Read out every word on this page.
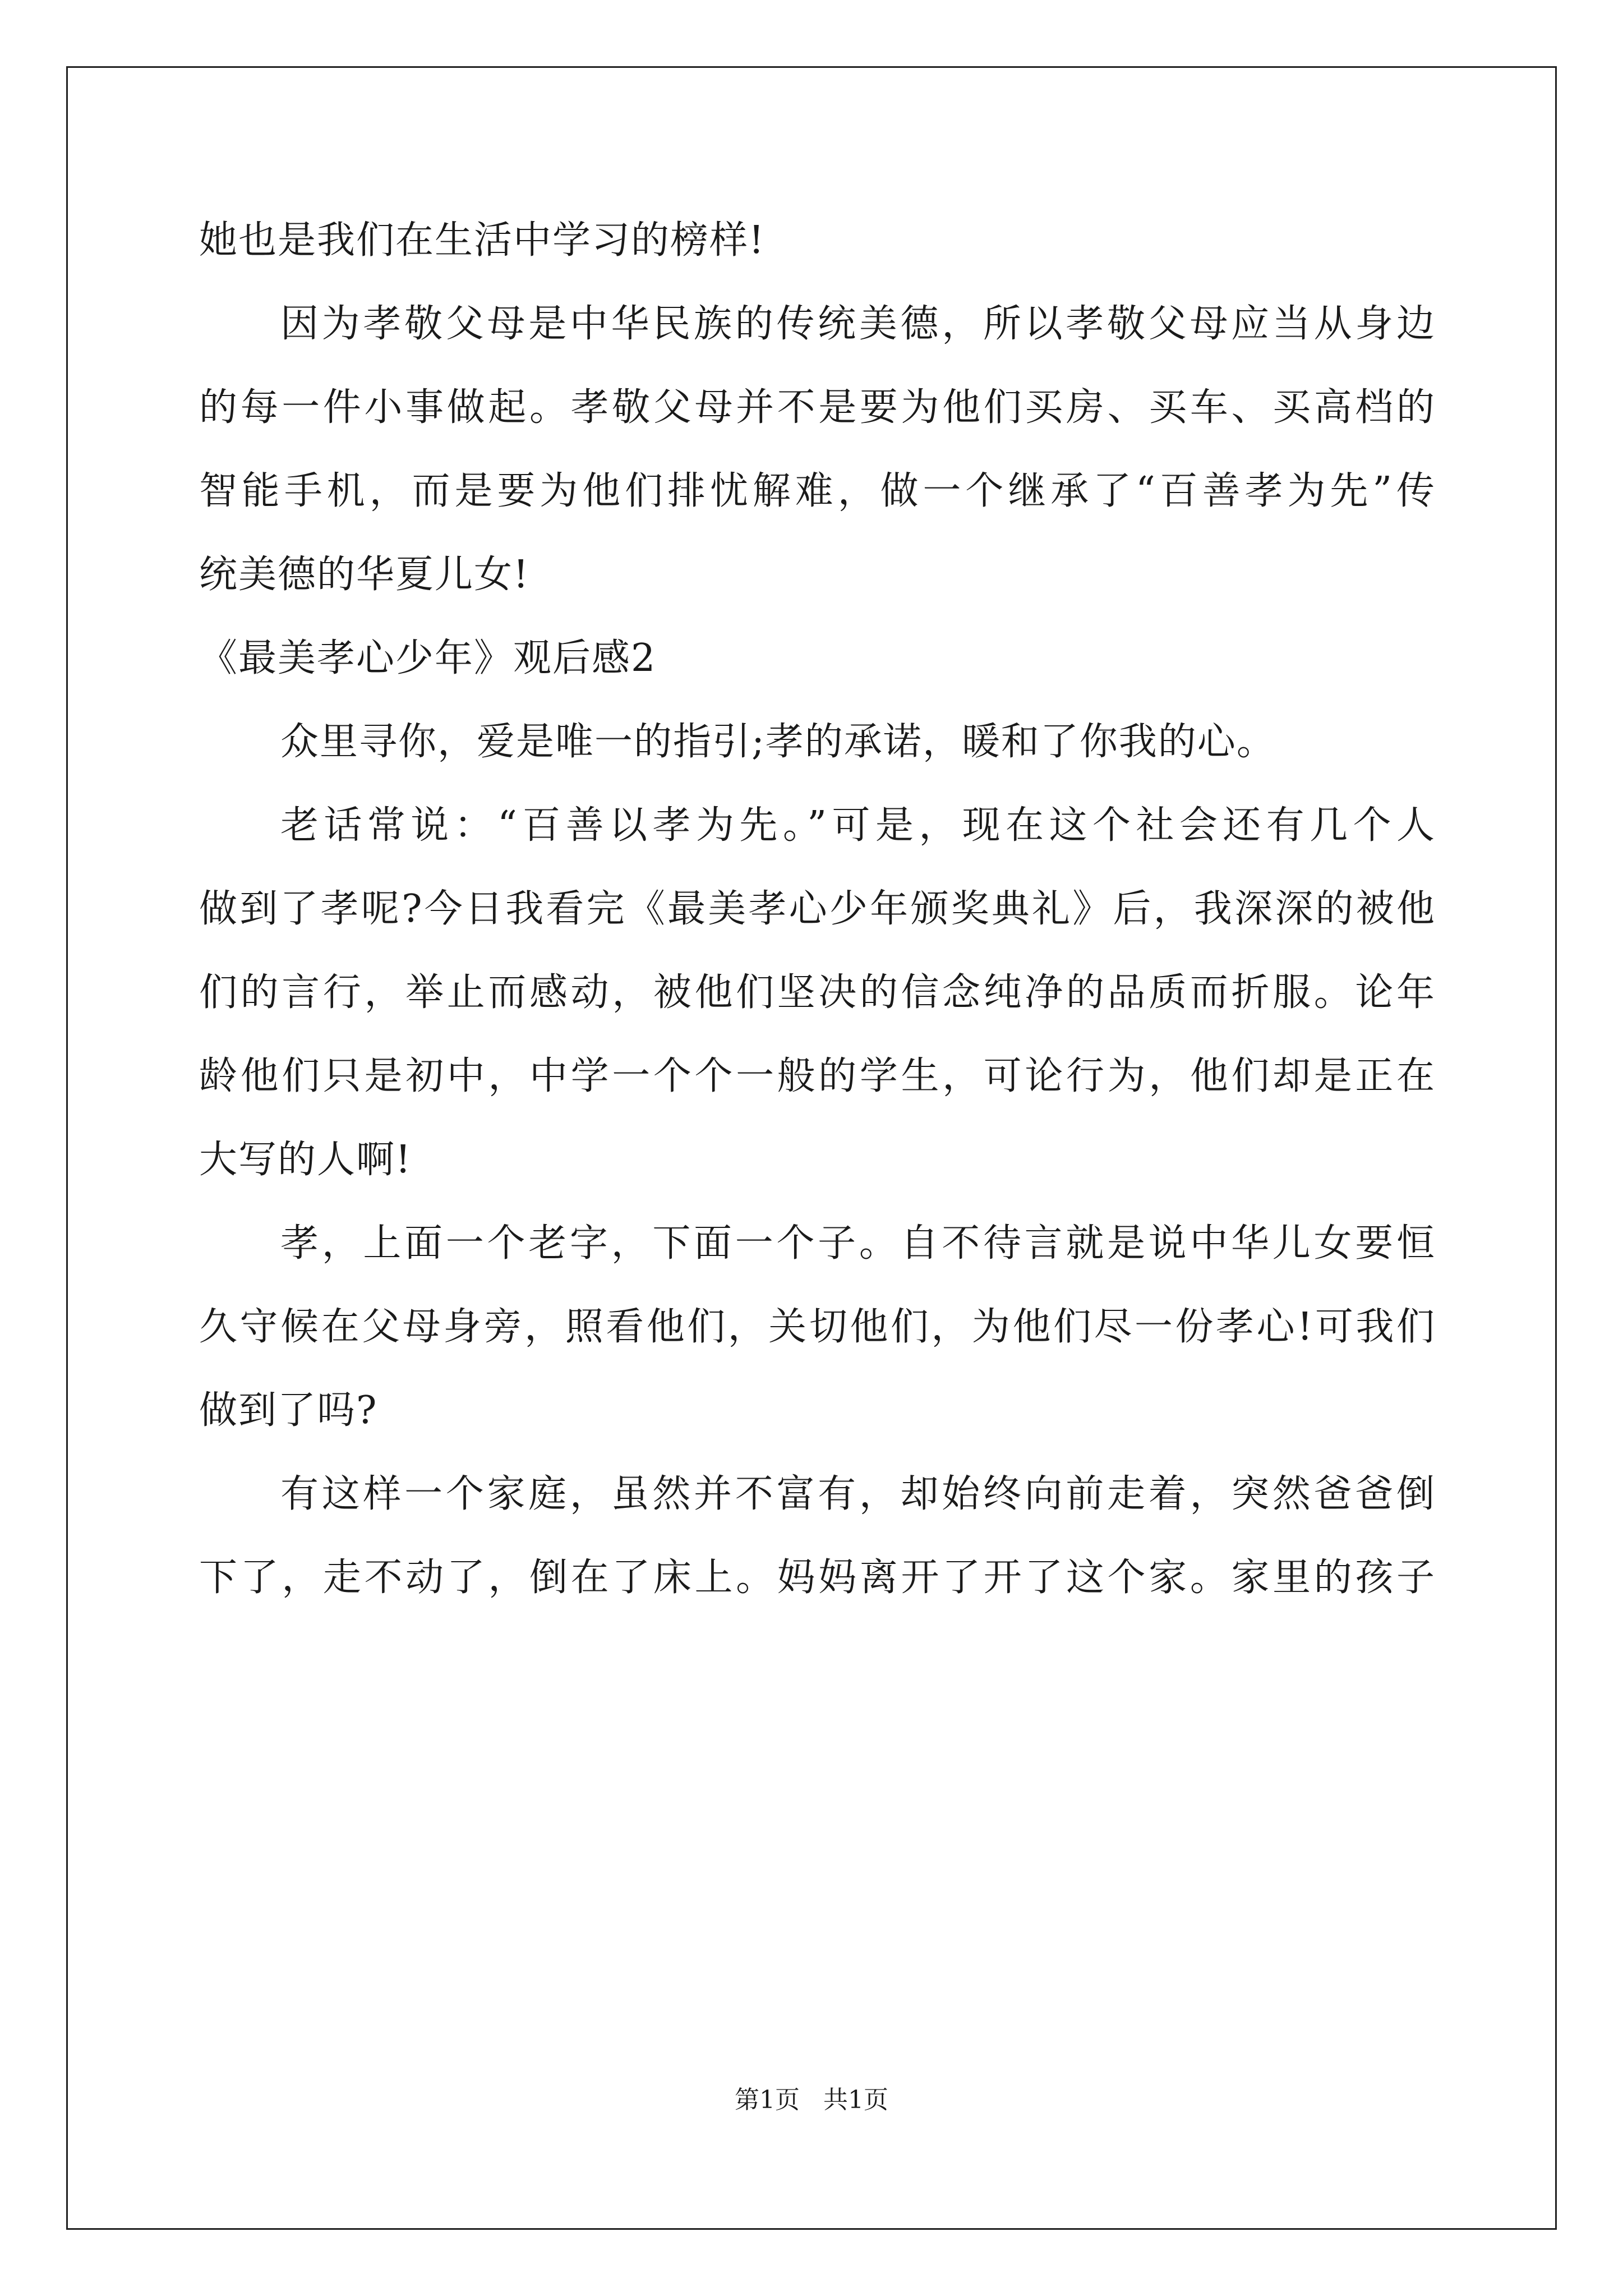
她也是我们在生活中学习的榜样!
因为孝敬父母是中华民族的传统美德，所以孝敬父母应当从身边
的每一件小事做起。孝敬父母并不是要为他们买房、买车、买高档的
智能手机，而是要为他们排忧解难，做一个继承了“百善孝为先”传
统美德的华夏儿女!
《最美孝心少年》观后感2
众里寻你，爱是唯一的指引;孝的承诺，暖和了你我的心。
老话常说：“百善以孝为先。”可是，现在这个社会还有几个人
做到了孝呢?今日我看完《最美孝心少年颁奖典礼》后，我深深的被他
们的言行，举止而感动，被他们坚决的信念纯净的品质而折服。论年
龄他们只是初中，中学一个个一般的学生，可论行为，他们却是正在
大写的人啊!
孝，上面一个老字，下面一个子。自不待言就是说中华儿女要恒
久守候在父母身旁，照看他们，关切他们，为他们尽一份孝心!可我们
做到了吗?
有这样一个家庭，虽然并不富有，却始终向前走着，突然爸爸倒
下了，走不动了，倒在了床上。妈妈离开了开了这个家。家里的孩子
第1页   共1页
